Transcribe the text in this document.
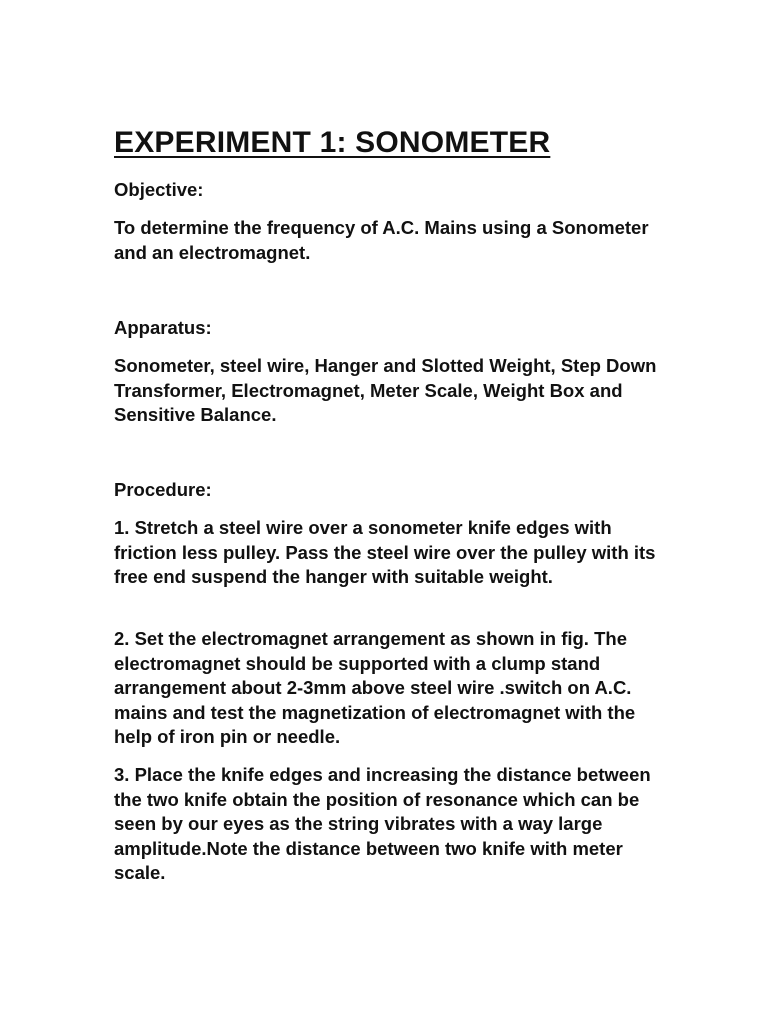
EXPERIMENT 1: SONOMETER

Objective:

To determine the frequency of A.C. Mains using a Sonometer and an electromagnet.

Apparatus:

Sonometer, steel wire, Hanger and Slotted Weight, Step Down Transformer, Electromagnet, Meter Scale, Weight Box and Sensitive Balance.

Procedure:

1. Stretch a steel wire over a sonometer knife edges with friction less pulley. Pass the steel wire over the pulley with its free end suspend the hanger with suitable weight.

2. Set the electromagnet arrangement as shown in fig. The electromagnet should be supported with a clump stand arrangement about 2-3mm above steel wire .switch on A.C. mains and test the magnetization of electromagnet with the help of iron pin or needle.

3. Place the knife edges and increasing the distance between the two knife obtain the position of resonance which can be seen by our eyes as the string vibrates with a way large amplitude.Note the distance between two knife with meter scale.
